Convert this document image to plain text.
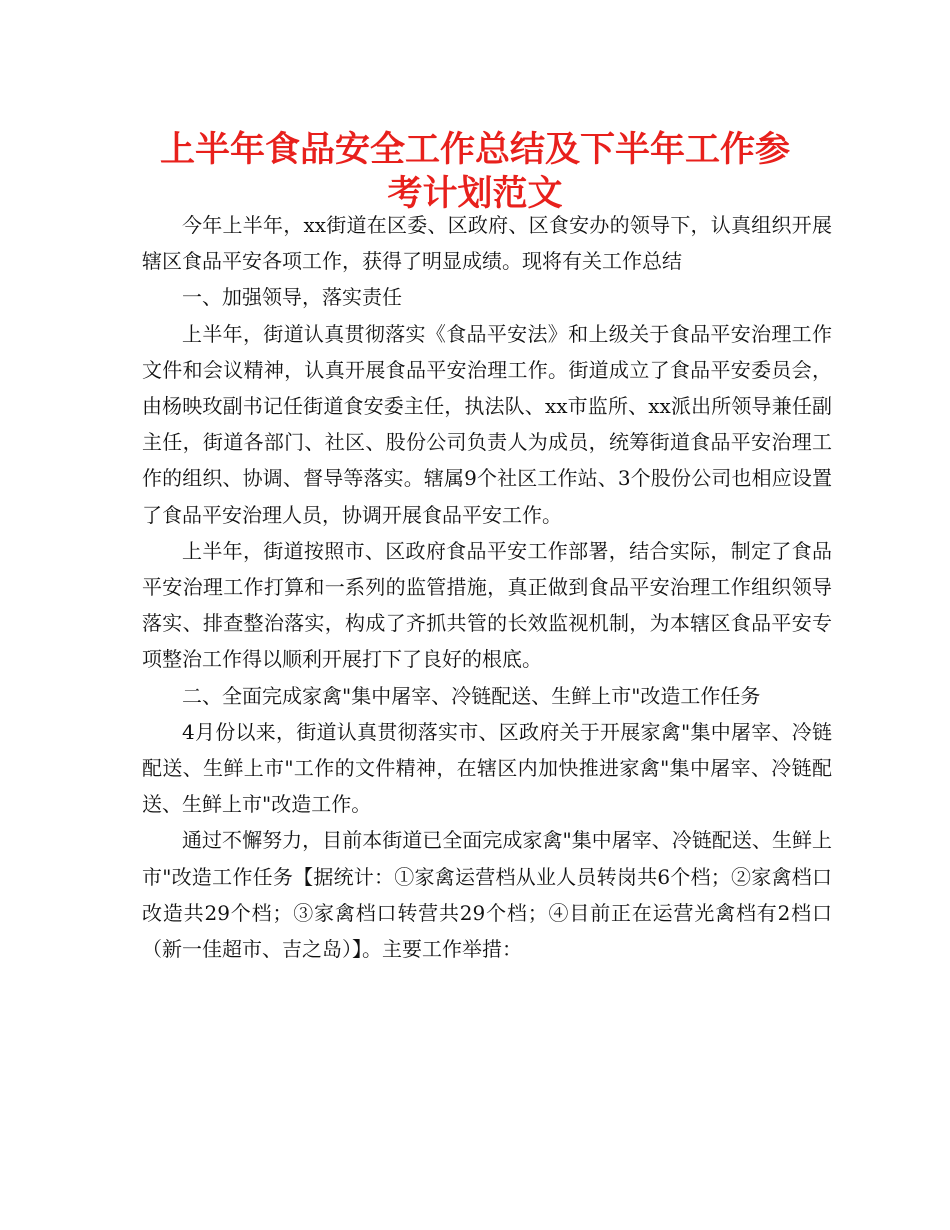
上半年食品安全工作总结及下半年工作参
考计划范文

今年上半年，xx街道在区委、区政府、区食安办的领导下，认真组织开展辖区食品平安各项工作，获得了明显成绩。现将有关工作总结

一、加强领导，落实责任

上半年，街道认真贯彻落实《食品平安法》和上级关于食品平安治理工作文件和会议精神，认真开展食品平安治理工作。街道成立了食品平安委员会，由杨映玫副书记任街道食安委主任，执法队、xx市监所、xx派出所领导兼任副主任，街道各部门、社区、股份公司负责人为成员，统筹街道食品平安治理工作的组织、协调、督导等落实。辖属9个社区工作站、3个股份公司也相应设置了食品平安治理人员，协调开展食品平安工作。

上半年，街道按照市、区政府食品平安工作部署，结合实际，制定了食品平安治理工作打算和一系列的监管措施，真正做到食品平安治理工作组织领导落实、排查整治落实，构成了齐抓共管的长效监视机制，为本辖区食品平安专项整治工作得以顺利开展打下了良好的根底。

二、全面完成家禽"集中屠宰、冷链配送、生鲜上市"改造工作任务

4月份以来，街道认真贯彻落实市、区政府关于开展家禽"集中屠宰、冷链配送、生鲜上市"工作的文件精神，在辖区内加快推进家禽"集中屠宰、冷链配送、生鲜上市"改造工作。

通过不懈努力，目前本街道已全面完成家禽"集中屠宰、冷链配送、生鲜上市"改造工作任务【据统计：①家禽运营档从业人员转岗共6个档；②家禽档口改造共29个档；③家禽档口转营共29个档；④目前正在运营光禽档有2档口（新一佳超市、吉之岛）】。主要工作举措：
